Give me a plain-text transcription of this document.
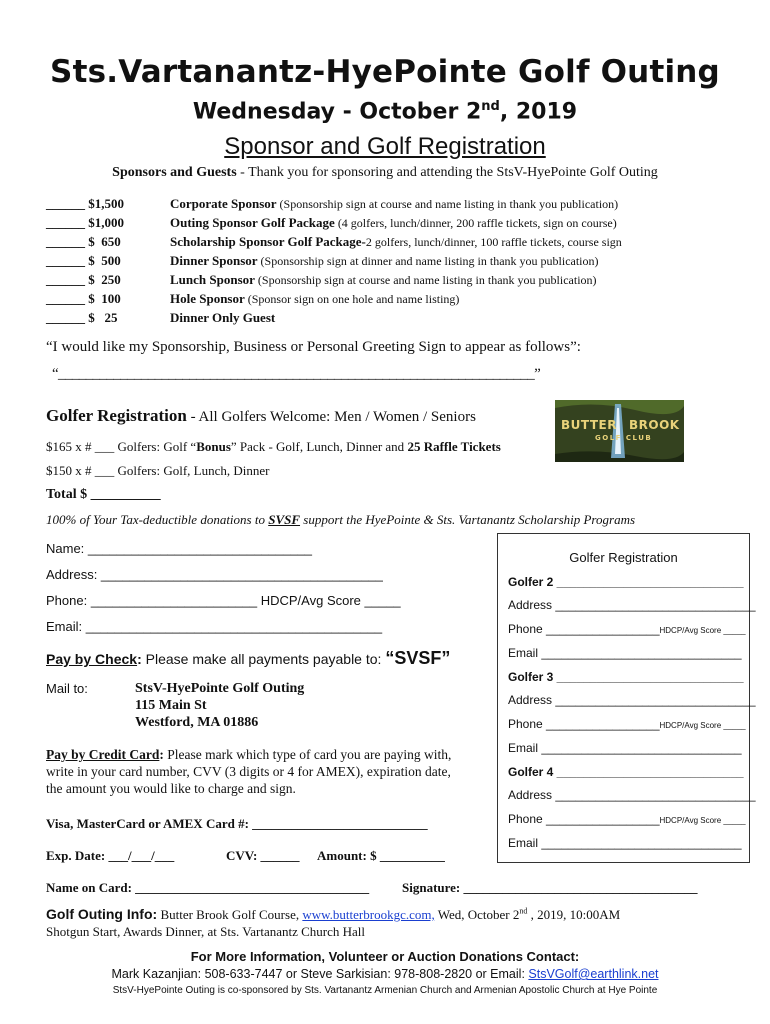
Sts.Vartanantz-HyePointe Golf Outing
Wednesday - October 2nd, 2019
Sponsor and Golf Registration
Sponsors and Guests - Thank you for sponsoring and attending the StsV-HyePointe Golf Outing
______ $1,500	Corporate Sponsor (Sponsorship sign at course and name listing in thank you publication)
______ $1,000	Outing Sponsor Golf Package (4 golfers, lunch/dinner, 200 raffle tickets, sign on course)
______ $  650	Scholarship Sponsor Golf Package-2 golfers, lunch/dinner, 100 raffle tickets, course sign
______ $  500	Dinner Sponsor (Sponsorship sign at dinner and name listing in thank you publication)
______ $  250	Lunch Sponsor (Sponsorship sign at course and name listing in thank you publication)
______ $  100	Hole Sponsor (Sponsor sign on one hole and name listing)
______ $   25	Dinner Only Guest
“I would like my Sponsorship, Business or Personal Greeting Sign to appear as follows”:
“_____________________________________________________________________”
Golfer Registration - All Golfers Welcome: Men / Women / Seniors
$165 x # ___ Golfers: Golf “Bonus” Pack - Golf, Lunch, Dinner and 25 Raffle Tickets
$150 x # ___ Golfers: Golf, Lunch, Dinner
Total $ __________
100% of Your Tax-deductible donations to SVSF support the HyePointe & Sts. Vartanantz Scholarship Programs
BUTTER BROOK
GOLF CLUB
Name: _______________________________
Address: _______________________________________
Phone: _______________________ HDCP/Avg Score _____
Email: _________________________________________
Pay by Check: Please make all payments payable to: “SVSF”
Mail to:	StsV-HyePointe Golf Outing
115 Main St
Westford, MA 01886
Pay by Credit Card: Please mark which type of card you are paying with,
write in your card number, CVV (3 digits or 4 for AMEX), expiration date,
the amount you would like to charge and sign.
Visa, MasterCard or AMEX Card #: ___________________________
Exp. Date: ___/___/___	CVV: ______ Amount: $ __________
Name on Card: ____________________________________	Signature: ____________________________________
Golfer Registration
Golfer 2 ____________________________
Address ______________________________
Phone _________________HDCP/Avg Score _____
Email ______________________________
Golfer 3 ____________________________
Address ______________________________
Phone _________________HDCP/Avg Score _____
Email ______________________________
Golfer 4 ____________________________
Address ______________________________
Phone _________________HDCP/Avg Score _____
Email ______________________________
Golf Outing Info: Butter Brook Golf Course, www.butterbrookgc.com, Wed, October 2nd , 2019, 10:00AM
Shotgun Start, Awards Dinner, at Sts. Vartanantz Church Hall
For More Information, Volunteer or Auction Donations Contact:
Mark Kazanjian: 508-633-7447 or Steve Sarkisian: 978-808-2820 or Email: StsVGolf@earthlink.net
StsV-HyePointe Outing is co-sponsored by Sts. Vartanantz Armenian Church and Armenian Apostolic Church at Hye Pointe
